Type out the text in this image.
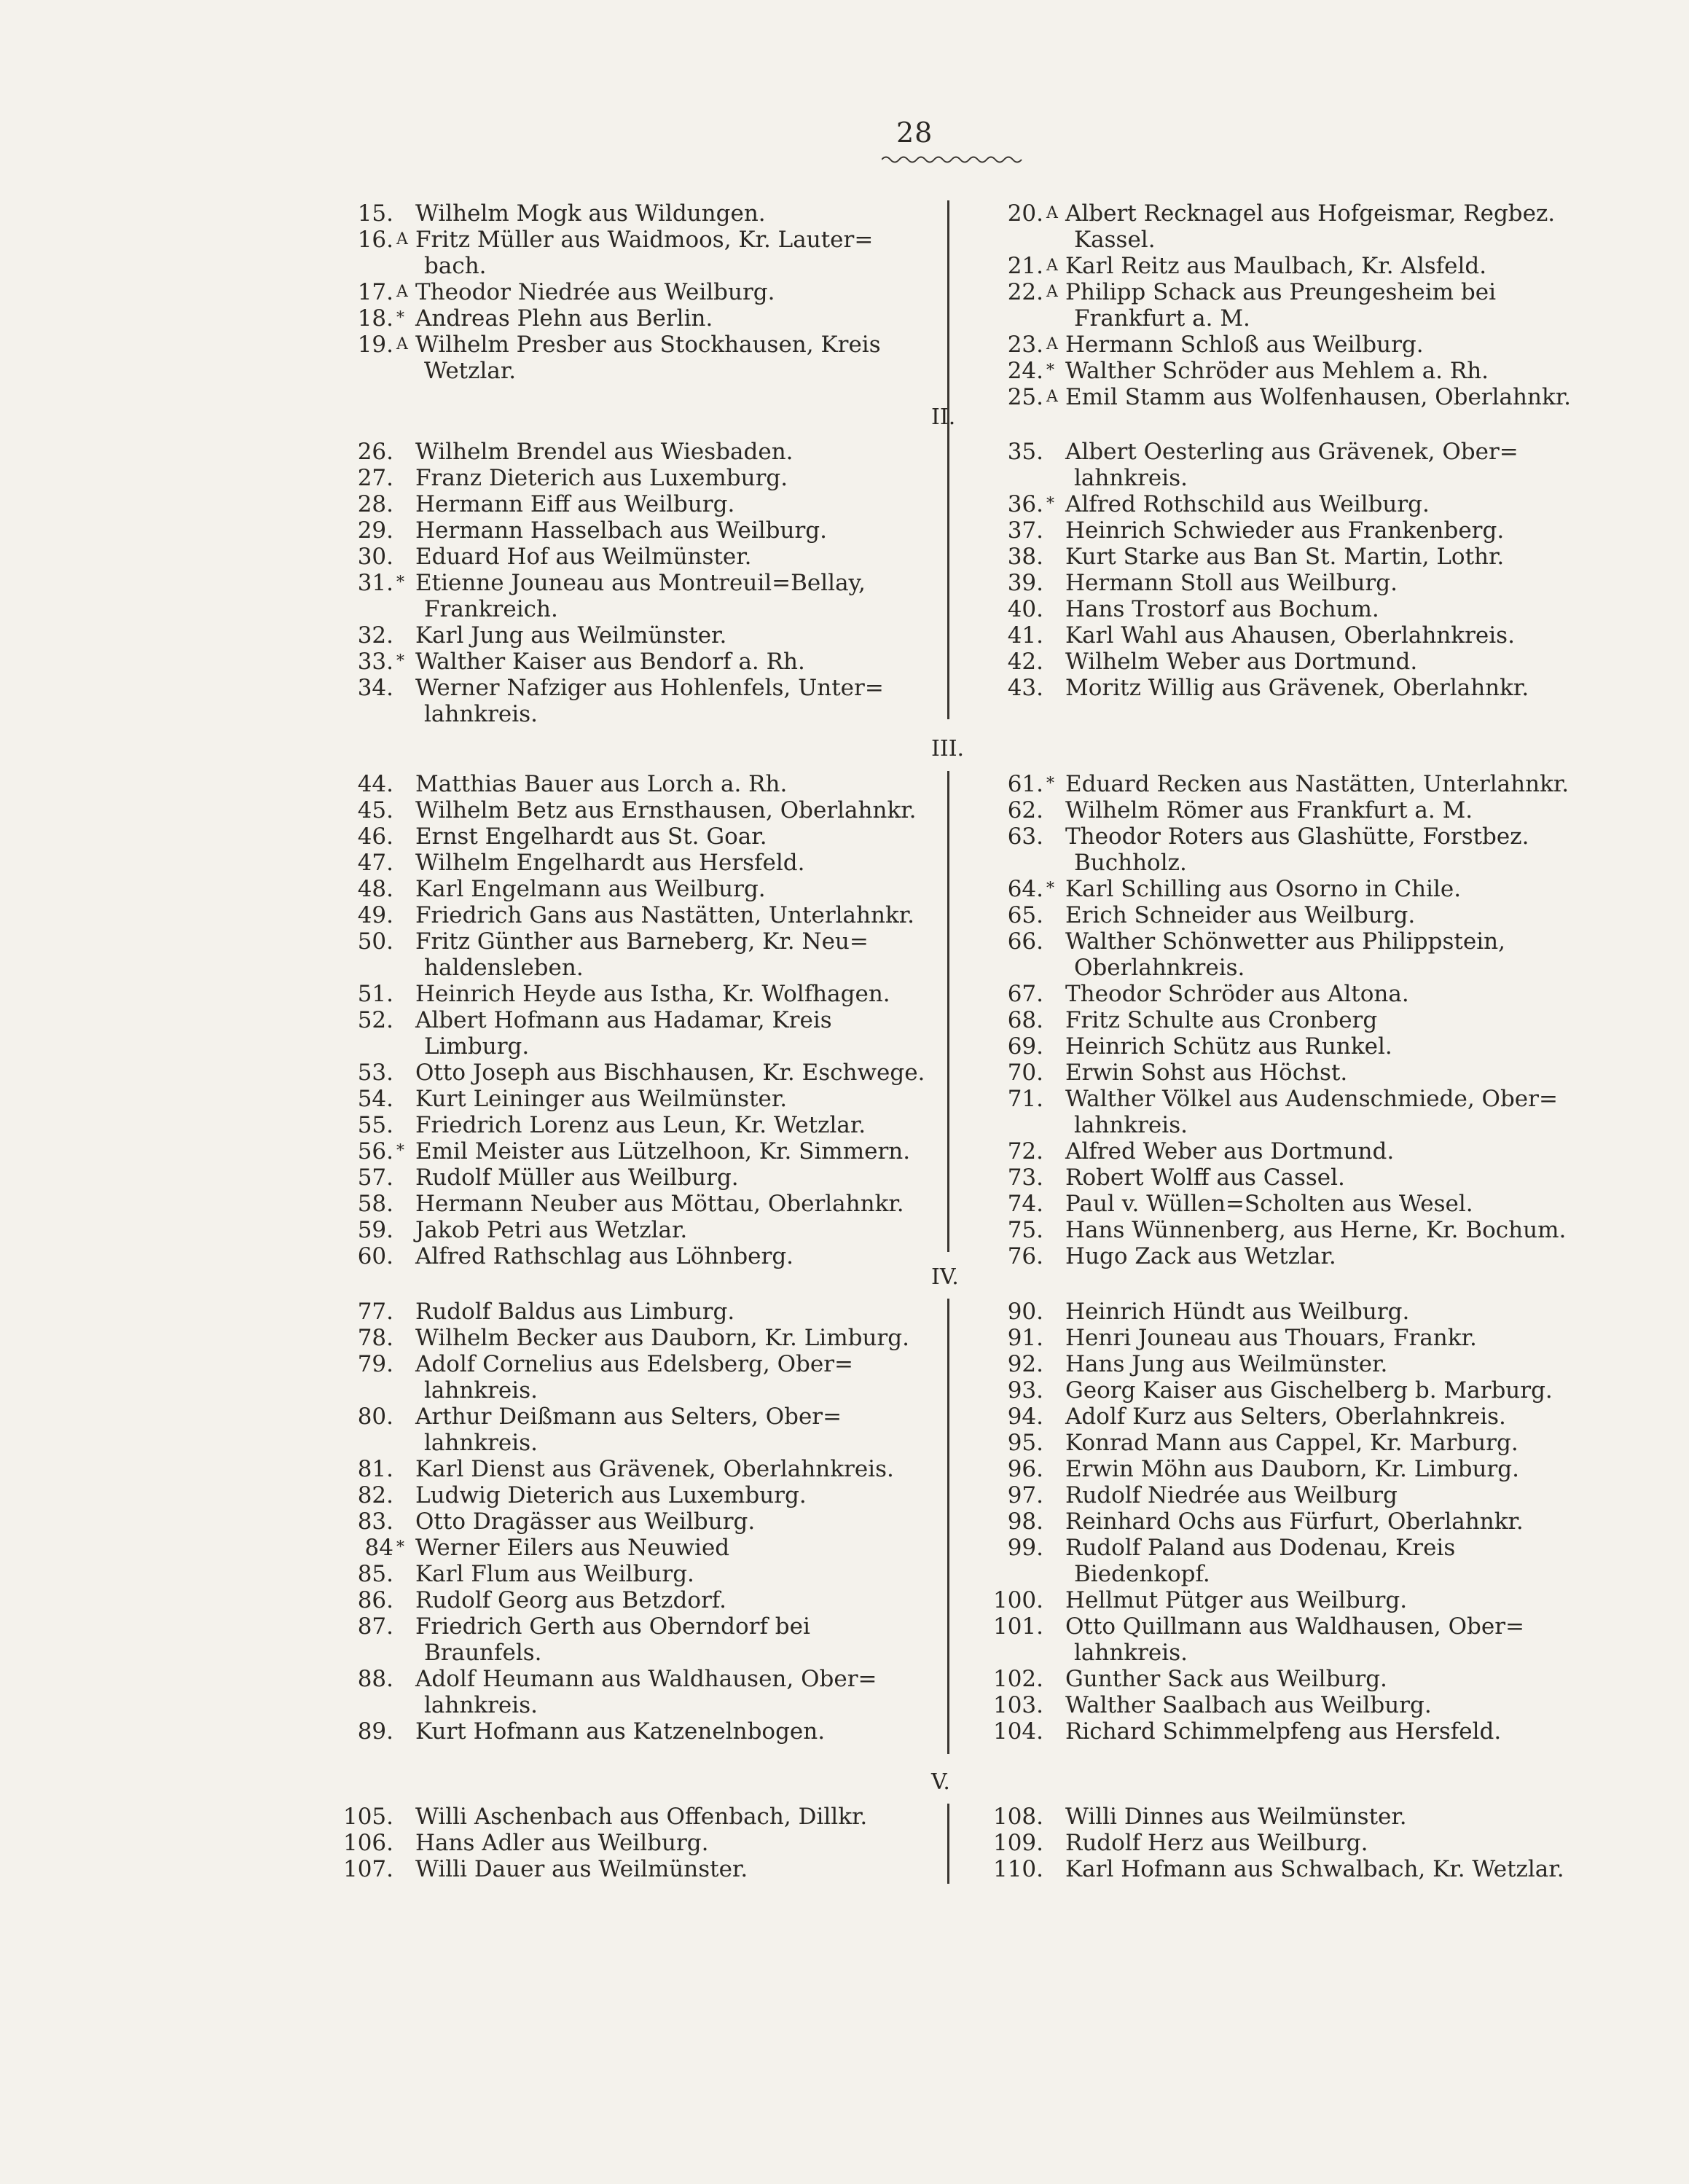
28
15. Wilhelm Mogk aus Wildungen.
16. A Fritz Müller aus Waidmoos, Kr. Lauter=
bach.
17. A Theodor Niedrée aus Weilburg.
18. * Andreas Plehn aus Berlin.
19. A Wilhelm Presber aus Stockhausen, Kreis
Wetzlar.
20. A Albert Recknagel aus Hofgeismar, Regbez.
Kassel.
21. A Karl Reitz aus Maulbach, Kr. Alsfeld.
22. A Philipp Schack aus Preungesheim bei
Frankfurt a. M.
23. A Hermann Schloß aus Weilburg.
24. * Walther Schröder aus Mehlem a. Rh.
25. A Emil Stamm aus Wolfenhausen, Oberlahnkr.
II.
26. Wilhelm Brendel aus Wiesbaden.
27. Franz Dieterich aus Luxemburg.
28. Hermann Eiff aus Weilburg.
29. Hermann Hasselbach aus Weilburg.
30. Eduard Hof aus Weilmünster.
31. * Etienne Jouneau aus Montreuil=Bellay,
Frankreich.
32. Karl Jung aus Weilmünster.
33. * Walther Kaiser aus Bendorf a. Rh.
34. Werner Nafziger aus Hohlenfels, Unter=
lahnkreis.
35. Albert Oesterling aus Grävenek, Ober=
lahnkreis.
36. * Alfred Rothschild aus Weilburg.
37. Heinrich Schwieder aus Frankenberg.
38. Kurt Starke aus Ban St. Martin, Lothr.
39. Hermann Stoll aus Weilburg.
40. Hans Trostorf aus Bochum.
41. Karl Wahl aus Ahausen, Oberlahnkreis.
42. Wilhelm Weber aus Dortmund.
43. Moritz Willig aus Grävenek, Oberlahnkr.
III.
44. Matthias Bauer aus Lorch a. Rh.
45. Wilhelm Betz aus Ernsthausen, Oberlahnkr.
46. Ernst Engelhardt aus St. Goar.
47. Wilhelm Engelhardt aus Hersfeld.
48. Karl Engelmann aus Weilburg.
49. Friedrich Gans aus Nastätten, Unterlahnkr.
50. Fritz Günther aus Barneberg, Kr. Neu=
haldensleben.
51. Heinrich Heyde aus Istha, Kr. Wolfhagen.
52. Albert Hofmann aus Hadamar, Kreis
Limburg.
53. Otto Joseph aus Bischhausen, Kr. Eschwege.
54. Kurt Leininger aus Weilmünster.
55. Friedrich Lorenz aus Leun, Kr. Wetzlar.
56. * Emil Meister aus Lützelhoon, Kr. Simmern.
57. Rudolf Müller aus Weilburg.
58. Hermann Neuber aus Möttau, Oberlahnkr.
59. Jakob Petri aus Wetzlar.
60. Alfred Rathschlag aus Löhnberg.
61. * Eduard Recken aus Nastätten, Unterlahnkr.
62. Wilhelm Römer aus Frankfurt a. M.
63. Theodor Roters aus Glashütte, Forstbez.
Buchholz.
64. * Karl Schilling aus Osorno in Chile.
65. Erich Schneider aus Weilburg.
66. Walther Schönwetter aus Philippstein,
Oberlahnkreis.
67. Theodor Schröder aus Altona.
68. Fritz Schulte aus Cronberg
69. Heinrich Schütz aus Runkel.
70. Erwin Sohst aus Höchst.
71. Walther Völkel aus Audenschmiede, Ober=
lahnkreis.
72. Alfred Weber aus Dortmund.
73. Robert Wolff aus Cassel.
74. Paul v. Wüllen=Scholten aus Wesel.
75. Hans Wünnenberg, aus Herne, Kr. Bochum.
76. Hugo Zack aus Wetzlar.
IV.
77. Rudolf Baldus aus Limburg.
78. Wilhelm Becker aus Dauborn, Kr. Limburg.
79. Adolf Cornelius aus Edelsberg, Ober=
lahnkreis.
80. Arthur Deißmann aus Selters, Ober=
lahnkreis.
81. Karl Dienst aus Grävenek, Oberlahnkreis.
82. Ludwig Dieterich aus Luxemburg.
83. Otto Dragässer aus Weilburg.
84 * Werner Eilers aus Neuwied
85. Karl Flum aus Weilburg.
86. Rudolf Georg aus Betzdorf.
87. Friedrich Gerth aus Oberndorf bei
Braunfels.
88. Adolf Heumann aus Waldhausen, Ober=
lahnkreis.
89. Kurt Hofmann aus Katzenelnbogen.
90. Heinrich Hündt aus Weilburg.
91. Henri Jouneau aus Thouars, Frankr.
92. Hans Jung aus Weilmünster.
93. Georg Kaiser aus Gischelberg b. Marburg.
94. Adolf Kurz aus Selters, Oberlahnkreis.
95. Konrad Mann aus Cappel, Kr. Marburg.
96. Erwin Möhn aus Dauborn, Kr. Limburg.
97. Rudolf Niedrée aus Weilburg
98. Reinhard Ochs aus Fürfurt, Oberlahnkr.
99. Rudolf Paland aus Dodenau, Kreis
Biedenkopf.
100. Hellmut Pütger aus Weilburg.
101. Otto Quillmann aus Waldhausen, Ober=
lahnkreis.
102. Gunther Sack aus Weilburg.
103. Walther Saalbach aus Weilburg.
104. Richard Schimmelpfeng aus Hersfeld.
V.
105. Willi Aschenbach aus Offenbach, Dillkr.
106. Hans Adler aus Weilburg.
107. Willi Dauer aus Weilmünster.
108. Willi Dinnes aus Weilmünster.
109. Rudolf Herz aus Weilburg.
110. Karl Hofmann aus Schwalbach, Kr. Wetzlar.
